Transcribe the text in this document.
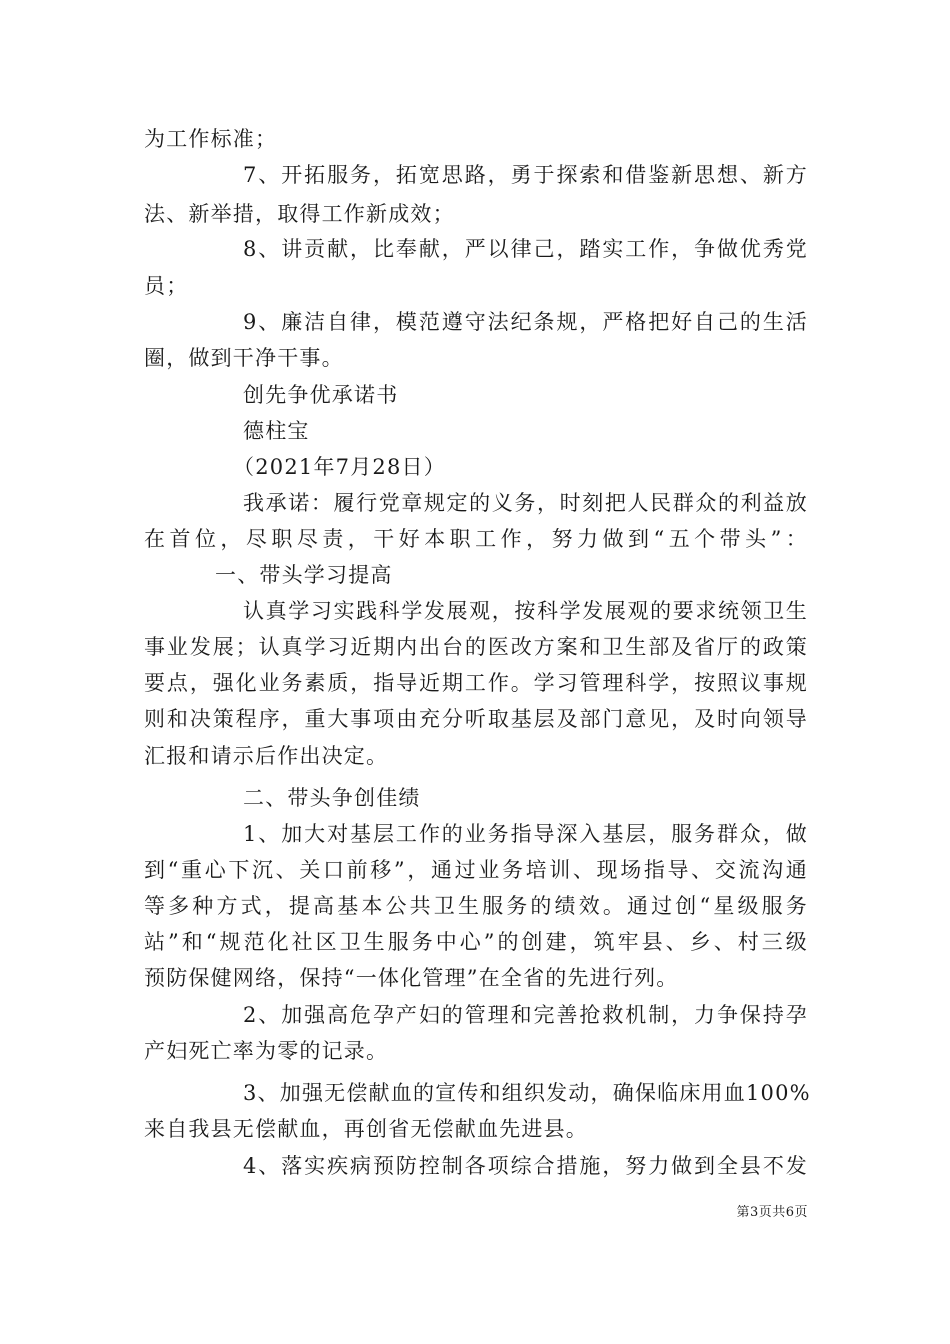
为工作标准；
7、开拓服务，拓宽思路，勇于探索和借鉴新思想、新方
法、新举措，取得工作新成效；
8、讲贡献，比奉献，严以律己，踏实工作，争做优秀党
员；
9、廉洁自律，模范遵守法纪条规，严格把好自己的生活
圈，做到干净干事。
创先争优承诺书
德柱宝
（2021年7月28日）
我承诺：履行党章规定的义务，时刻把人民群众的利益放
在首位，尽职尽责，干好本职工作，努力做到“五个带头”：
一、带头学习提高
认真学习实践科学发展观，按科学发展观的要求统领卫生
事业发展；认真学习近期内出台的医改方案和卫生部及省厅的政策
要点，强化业务素质，指导近期工作。学习管理科学，按照议事规
则和决策程序，重大事项由充分听取基层及部门意见，及时向领导
汇报和请示后作出决定。
二、带头争创佳绩
1、加大对基层工作的业务指导深入基层，服务群众，做
到“重心下沉、关口前移”，通过业务培训、现场指导、交流沟通
等多种方式，提高基本公共卫生服务的绩效。通过创“星级服务
站”和“规范化社区卫生服务中心”的创建，筑牢县、乡、村三级
预防保健网络，保持“一体化管理”在全省的先进行列。
2、加强高危孕产妇的管理和完善抢救机制，力争保持孕
产妇死亡率为零的记录。
3、加强无偿献血的宣传和组织发动，确保临床用血100%
来自我县无偿献血，再创省无偿献血先进县。
4、落实疾病预防控制各项综合措施，努力做到全县不发
第3页共6页
